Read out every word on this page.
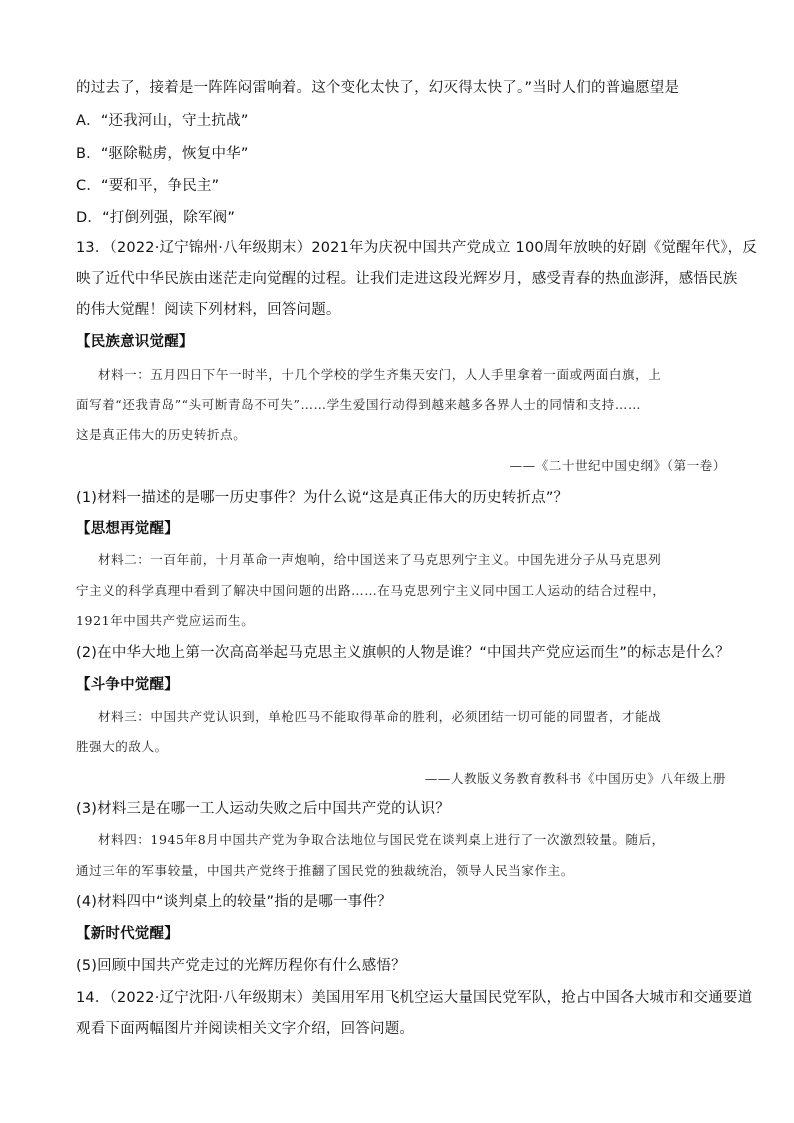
的过去了，接着是一阵阵闷雷响着。这个变化太快了，幻灭得太快了。”当时人们的普遍愿望是
A．“还我河山，守土抗战”
B．“驱除鞑虏，恢复中华”
C．“要和平，争民主”
D．“打倒列强，除军阀”
13．（2022·辽宁锦州·八年级期末）2021年为庆祝中国共产党成立 100周年放映的好剧《觉醒年代》，反
映了近代中华民族由迷茫走向觉醒的过程。让我们走进这段光辉岁月，感受青春的热血澎湃，感悟民族
的伟大觉醒！阅读下列材料，回答问题。
【民族意识觉醒】
材料一：五月四日下午一时半，十几个学校的学生齐集天安门，人人手里拿着一面或两面白旗，上
面写着“还我青岛”“头可断青岛不可失”……学生爱国行动得到越来越多各界人士的同情和支持……
这是真正伟大的历史转折点。
——《二十世纪中国史纲》（第一卷）
(1)材料一描述的是哪一历史事件？为什么说“这是真正伟大的历史转折点”？
【思想再觉醒】
材料二：一百年前，十月革命一声炮响，给中国送来了马克思列宁主义。中国先进分子从马克思列
宁主义的科学真理中看到了解决中国问题的出路……在马克思列宁主义同中国工人运动的结合过程中，
1921年中国共产党应运而生。
(2)在中华大地上第一次高高举起马克思主义旗帜的人物是谁？“中国共产党应运而生”的标志是什么？
【斗争中觉醒】
材料三：中国共产党认识到，单枪匹马不能取得革命的胜利，必须团结一切可能的同盟者，才能战
胜强大的敌人。
——人教版义务教育教科书《中国历史》八年级上册
(3)材料三是在哪一工人运动失败之后中国共产党的认识？
材料四：1945年8月中国共产党为争取合法地位与国民党在谈判桌上进行了一次激烈较量。随后，
通过三年的军事较量，中国共产党终于推翻了国民党的独裁统治，领导人民当家作主。
(4)材料四中“谈判桌上的较量”指的是哪一事件？
【新时代觉醒】
(5)回顾中国共产党走过的光辉历程你有什么感悟？
14．（2022·辽宁沈阳·八年级期末）美国用军用飞机空运大量国民党军队，抢占中国各大城市和交通要道
观看下面两幅图片并阅读相关文字介绍，回答问题。
